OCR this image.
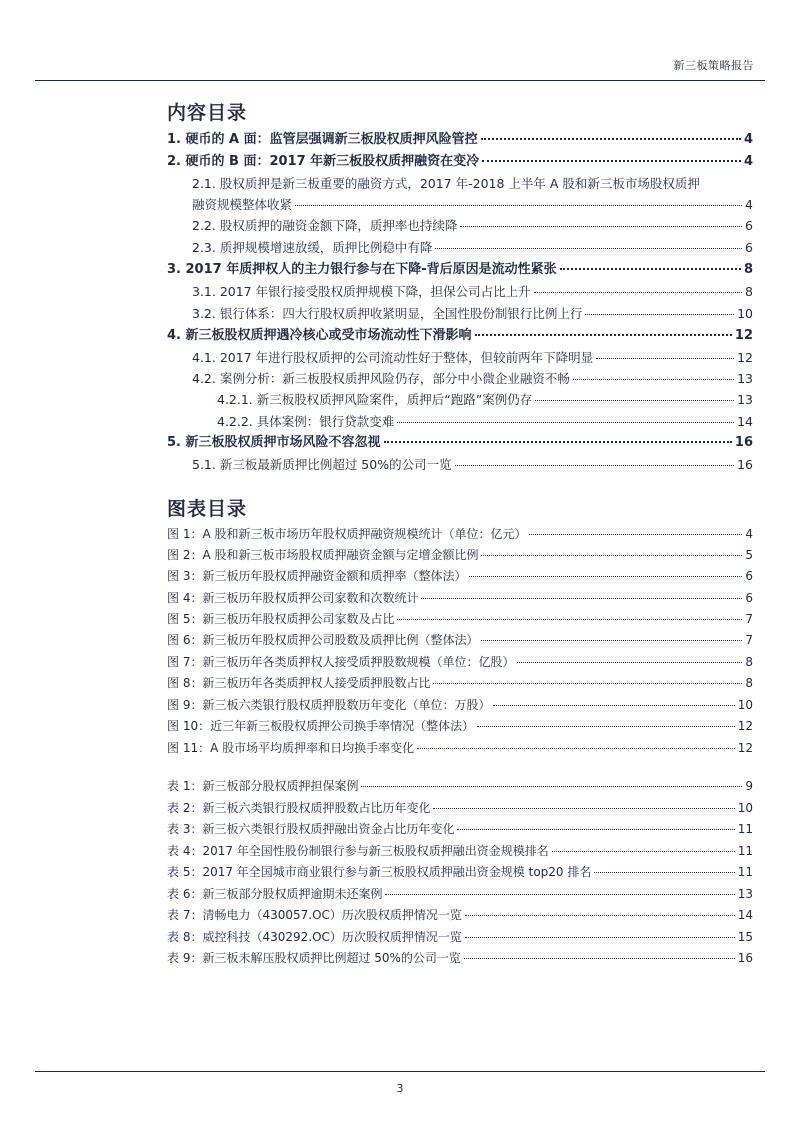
新三板策略报告
内容目录
1. 硬币的 A 面：监管层强调新三板股权质押风险管控	4
2. 硬币的 B 面：2017 年新三板股权质押融资在变冷	4
2.1. 股权质押是新三板重要的融资方式，2017 年-2018 上半年 A 股和新三板市场股权质押
融资规模整体收紧	4
2.2. 股权质押的融资金额下降，质押率也持续降	6
2.3. 质押规模增速放缓，质押比例稳中有降	6
3. 2017 年质押权人的主力银行参与在下降-背后原因是流动性紧张	8
3.1. 2017 年银行接受股权质押规模下降，担保公司占比上升	8
3.2. 银行体系：四大行股权质押收紧明显，全国性股份制银行比例上行	10
4. 新三板股权质押遇冷核心或受市场流动性下滑影响	12
4.1. 2017 年进行股权质押的公司流动性好于整体，但较前两年下降明显	12
4.2. 案例分析：新三板股权质押风险仍存，部分中小微企业融资不畅	13
4.2.1. 新三板股权质押风险案件，质押后“跑路”案例仍存	13
4.2.2. 具体案例：银行贷款变难	14
5. 新三板股权质押市场风险不容忽视	16
5.1. 新三板最新质押比例超过 50%的公司一览	16
图表目录
图 1：A 股和新三板市场历年股权质押融资规模统计（单位：亿元）	4
图 2：A 股和新三板市场股权质押融资金额与定增金额比例	5
图 3：新三板历年股权质押融资金额和质押率（整体法）	6
图 4：新三板历年股权质押公司家数和次数统计	6
图 5：新三板历年股权质押公司家数及占比	7
图 6：新三板历年股权质押公司股数及质押比例（整体法）	7
图 7：新三板历年各类质押权人接受质押股数规模（单位：亿股）	8
图 8：新三板历年各类质押权人接受质押股数占比	8
图 9：新三板六类银行股权质押股数历年变化（单位：万股）	10
图 10：近三年新三板股权质押公司换手率情况（整体法）	12
图 11：A 股市场平均质押率和日均换手率变化	12
表 1：新三板部分股权质押担保案例	9
表 2：新三板六类银行股权质押股数占比历年变化	10
表 3：新三板六类银行股权质押融出资金占比历年变化	11
表 4：2017 年全国性股份制银行参与新三板股权质押融出资金规模排名	11
表 5：2017 年全国城市商业银行参与新三板股权质押融出资金规模 top20 排名	11
表 6：新三板部分股权质押逾期未还案例	13
表 7：清畅电力（430057.OC）历次股权质押情况一览	14
表 8：威控科技（430292.OC）历次股权质押情况一览	15
表 9：新三板未解压股权质押比例超过 50%的公司一览	16
3
